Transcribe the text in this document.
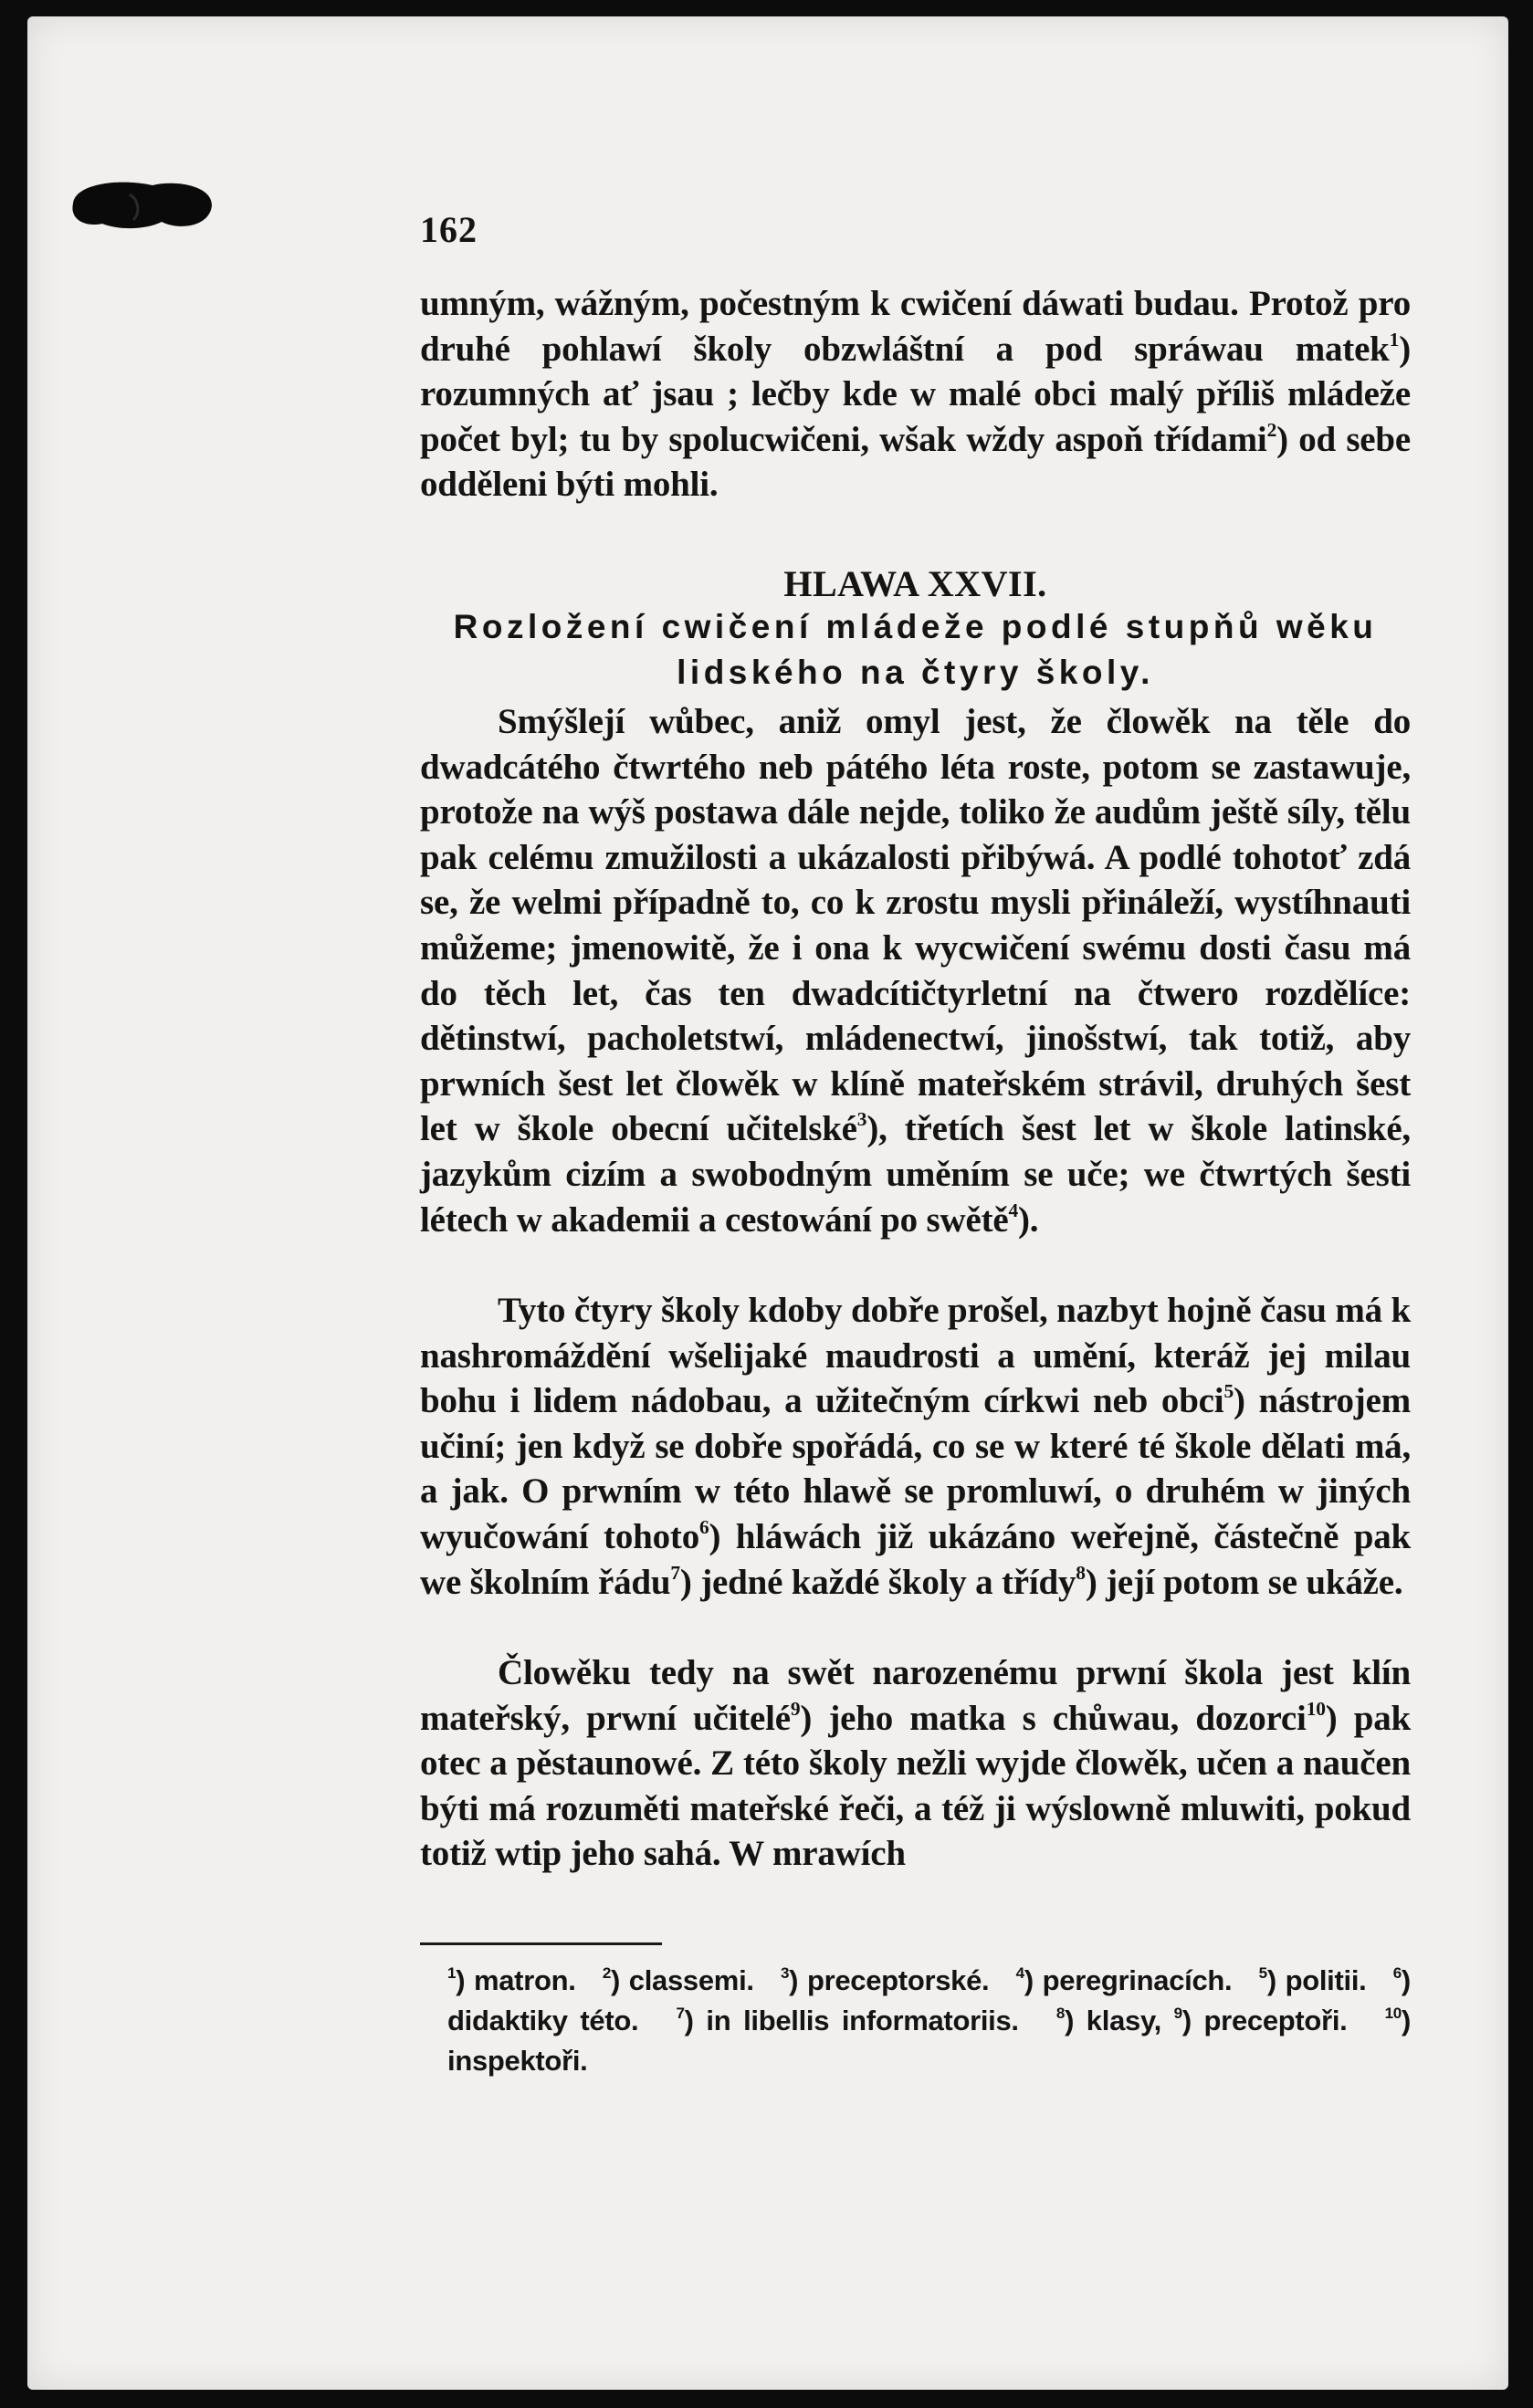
162

umným, wážným, počestným k cwičení dáwati budau. Protož pro druhé pohlawí školy obzwláštní a pod spráwau matek$^1$) rozumných ať jsau ; lečby kde w malé obci malý příliš mládeže počet byl; tu by spolucwičeni, wšak wždy aspoň třídami$^2$) od sebe odděleni býti mohli.

HLAWA XXVII.
Rozložení cwičení mládeže podlé stupňů wěku
lidského na čtyry školy.

Smýšlejí wůbec, aniž omyl jest, že člowěk na těle do dwadcátého čtwrtého neb pátého léta roste, potom se zastawuje, protože na wýš postawa dále nejde, toliko že audům ještě síly, tělu pak celému zmužilosti a ukázalosti přibýwá. A podlé tohotoť zdá se, že welmi případně to, co k zrostu mysli přináleží, wystíhnauti můžeme; jmenowitě, že i ona k wycwičení swému dosti času má do těch let, čas ten dwadcítičtyrletní na čtwero rozdělíce: dětinstwí, pacholetstwí, mládenectwí, jinošstwí, tak totiž, aby prwních šest let člowěk w klíně mateřském strávil, druhých šest let w škole obecní učitelské$^3$), třetích šest let w škole latinské, jazykům cizím a swobodným uměním se uče; we čtwrtých šesti létech w akademii a cestowání po swětě$^4$).

Tyto čtyry školy kdoby dobře prošel, nazbyt hojně času má k nashromáždění wšelijaké maudrosti a umění, kteráž jej milau bohu i lidem nádobau, a užitečným církwi neb obci$^5$) nástrojem učiní; jen když se dobře spořádá, co se w které té škole dělati má, a jak. O prwním w této hlawě se promluwí, o druhém w jiných wyučowání tohoto$^6$) hláwách již ukázáno weřejně, částečně pak we školním řádu$^7$) jedné každé školy a třídy$^8$) její potom se ukáže.

Člowěku tedy na swět narozenému prwní škola jest klín mateřský, prwní učitelé$^9$) jeho matka s chůwau, dozorci$^{10}$) pak otec a pěstaunowé. Z této školy nežli wyjde člowěk, učen a naučen býti má rozuměti mateřské řeči, a též ji wýslowně mluwiti, pokud totiž wtip jeho sahá. W mrawích

$^1$) matron. $^2$) classemi. $^3$) preceptorské. $^4$) peregrinacích. $^5$) politii. $^6$) didaktiky této. $^7$) in libellis informatoriis. $^8$) klasy, $^9$) preceptoři. $^{10}$) inspektoři.
